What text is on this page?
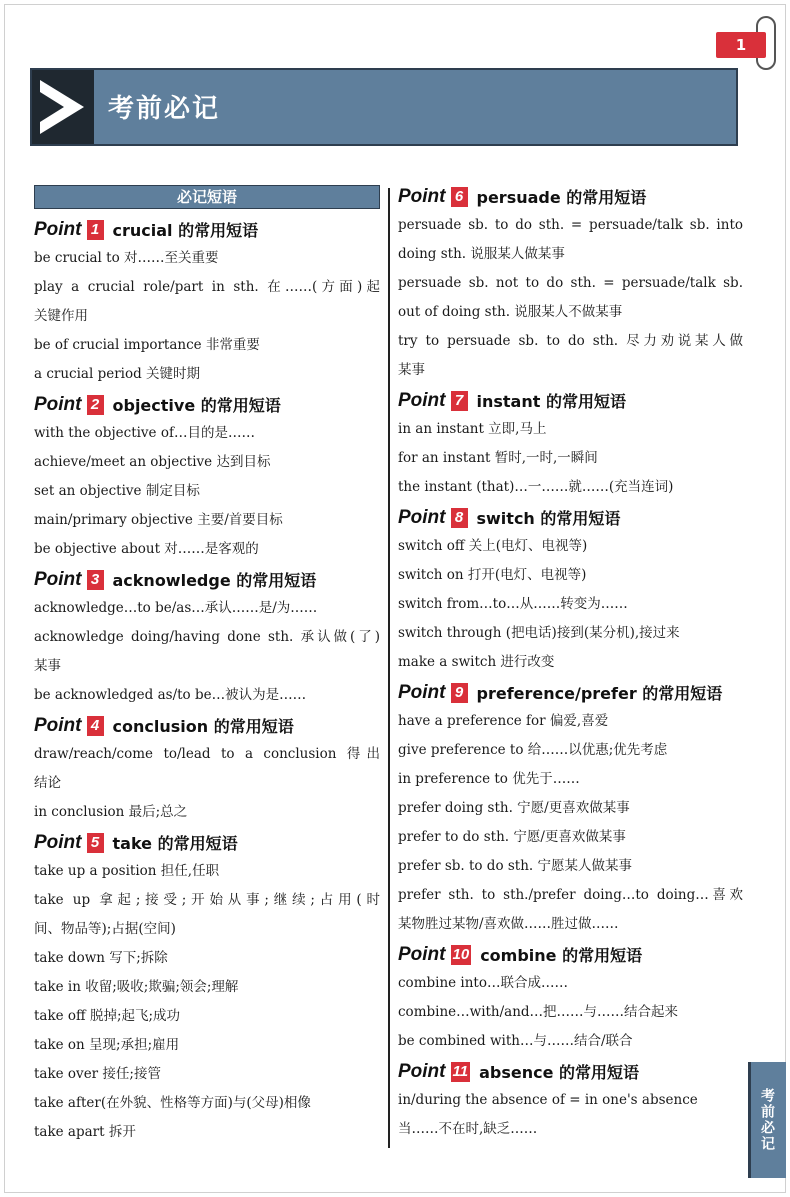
1
考前必记
必记短语
Point 1 crucial 的常用短语
be crucial to 对……至关重要
play a crucial role/part in sth. 在……(方面)起
关键作用
be of crucial importance 非常重要
a crucial period 关键时期
Point 2 objective 的常用短语
with the objective of…目的是……
achieve/meet an objective 达到目标
set an objective 制定目标
main/primary objective 主要/首要目标
be objective about 对……是客观的
Point 3 acknowledge 的常用短语
acknowledge…to be/as…承认……是/为……
acknowledge doing/having done sth. 承认做(了)
某事
be acknowledged as/to be…被认为是……
Point 4 conclusion 的常用短语
draw/reach/come to/lead to a conclusion 得出
结论
in conclusion 最后;总之
Point 5 take 的常用短语
take up a position 担任,任职
take up 拿起;接受;开始从事;继续;占用(时
间、物品等);占据(空间)
take down 写下;拆除
take in 收留;吸收;欺骗;领会;理解
take off 脱掉;起飞;成功
take on 呈现;承担;雇用
take over 接任;接管
take after(在外貌、性格等方面)与(父母)相像
take apart 拆开
Point 6 persuade 的常用短语
persuade sb. to do sth. = persuade/talk sb. into
doing sth. 说服某人做某事
persuade sb. not to do sth. = persuade/talk sb.
out of doing sth. 说服某人不做某事
try to persuade sb. to do sth. 尽力劝说某人做
某事
Point 7 instant 的常用短语
in an instant 立即,马上
for an instant 暂时,一时,一瞬间
the instant (that)…一……就……(充当连词)
Point 8 switch 的常用短语
switch off 关上(电灯、电视等)
switch on 打开(电灯、电视等)
switch from…to…从……转变为……
switch through (把电话)接到(某分机),接过来
make a switch 进行改变
Point 9 preference/prefer 的常用短语
have a preference for 偏爱,喜爱
give preference to 给……以优惠;优先考虑
in preference to 优先于……
prefer doing sth. 宁愿/更喜欢做某事
prefer to do sth. 宁愿/更喜欢做某事
prefer sb. to do sth. 宁愿某人做某事
prefer sth. to sth./prefer doing…to doing…喜欢
某物胜过某物/喜欢做……胜过做……
Point 10 combine 的常用短语
combine into…联合成……
combine…with/and…把……与……结合起来
be combined with…与……结合/联合
Point 11 absence 的常用短语
in/during the absence of = in one's absence
当……不在时,缺乏……	考前必记
